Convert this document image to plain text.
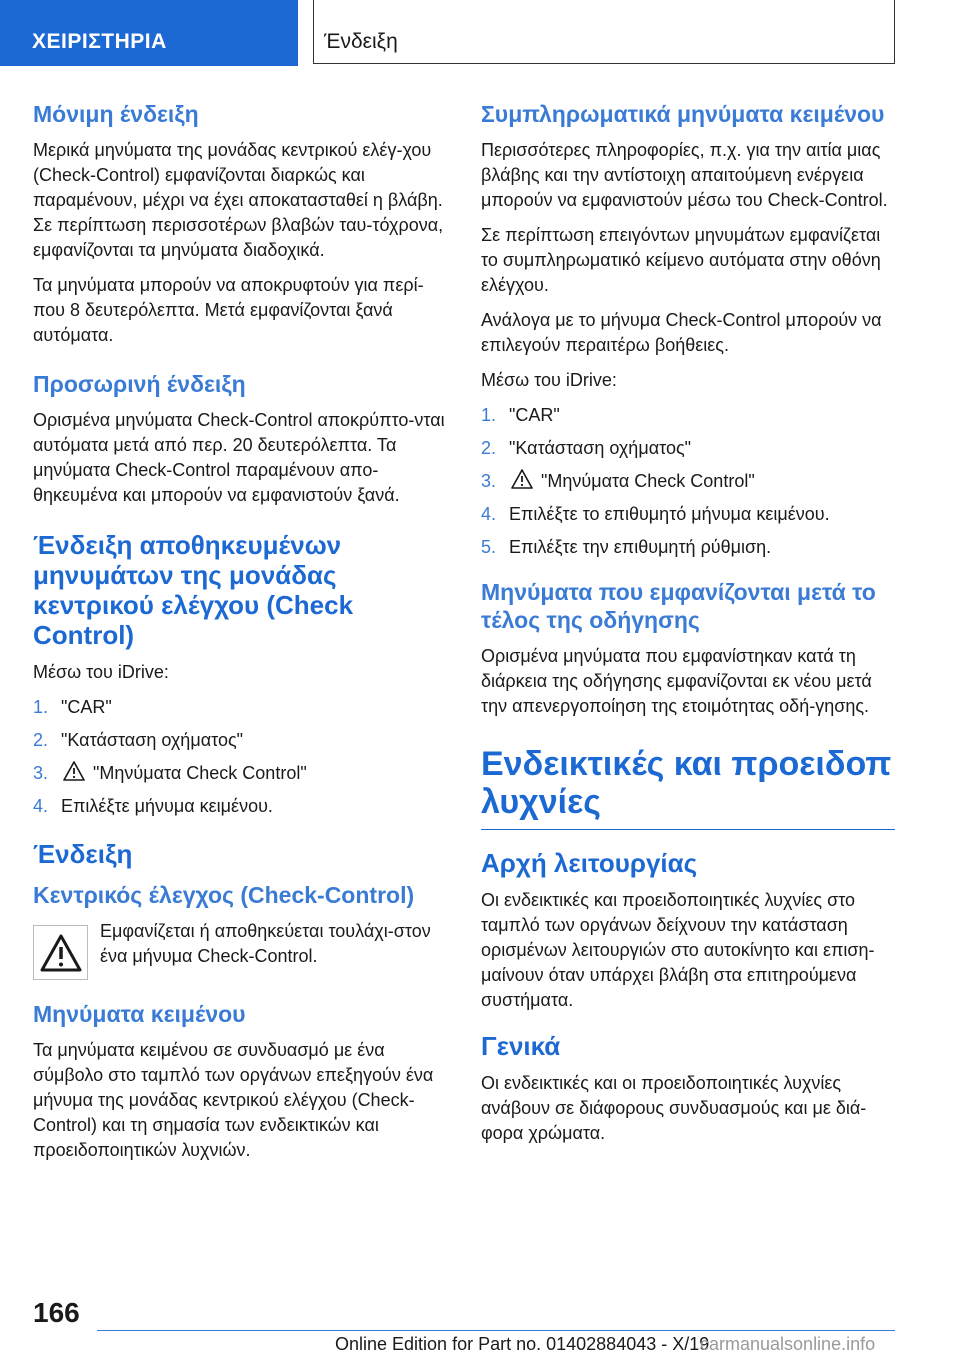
ΧΕΙΡΙΣΤΗΡΙΑ	Ένδειξη
Μόνιμη ένδειξη

Μερικά μηνύματα της μονάδας κεντρικού ελέγ-χου (Check-Control) εμφανίζονται διαρκώς και παραμένουν, μέχρι να έχει αποκατασταθεί η βλάβη. Σε περίπτωση περισσοτέρων βλαβών ταυ-τόχρονα, εμφανίζονται τα μηνύματα διαδοχικά.

Τα μηνύματα μπορούν να αποκρυφτούν για περί-που 8 δευτερόλεπτα. Μετά εμφανίζονται ξανά αυτόματα.

Προσωρινή ένδειξη

Ορισμένα μηνύματα Check-Control αποκρύπτο-νται αυτόματα μετά από περ. 20 δευτερόλεπτα. Τα μηνύματα Check-Control παραμένουν απο-θηκευμένα και μπορούν να εμφανιστούν ξανά.

Ένδειξη αποθηκευμένων μηνυμάτων της μονάδας κεντρικού ελέγχου (Check Control)

Μέσω του iDrive:

1. "CAR"
2. "Κατάσταση οχήματος"
3.	"Μηνύματα Check Control"
4. Επιλέξτε μήνυμα κειμένου.
Ένδειξη
Κεντρικός έλεγχος (Check-Control)

Εμφανίζεται ή αποθηκεύεται τουλάχι-στον ένα μήνυμα Check-Control.

Μηνύματα κειμένου

Τα μηνύματα κειμένου σε συνδυασμό με ένα σύμβολο στο ταμπλό των οργάνων επεξηγούν ένα μήνυμα της μονάδας κεντρικού ελέγχου (Check-Control) και τη σημασία των ενδεικτικών και προειδοποιητικών λυχνιών.

Συμπληρωματικά μηνύματα κειμένου

Περισσότερες πληροφορίες, π.χ. για την αιτία μιας βλάβης και την αντίστοιχη απαιτούμενη ενέργεια μπορούν να εμφανιστούν μέσω του Check-Control.

Σε περίπτωση επειγόντων μηνυμάτων εμφανίζεται το συμπληρωματικό κείμενο αυτόματα στην οθόνη ελέγχου.

Ανάλογα με το μήνυμα Check-Control μπορούν να επιλεγούν περαιτέρω βοήθειες.

Μέσω του iDrive:

1. "CAR"
2. "Κατάσταση οχήματος"
3.	"Μηνύματα Check Control"
4. Επιλέξτε το επιθυμητό μήνυμα κειμένου.
5. Επιλέξτε την επιθυμητή ρύθμιση.
Μηνύματα που εμφανίζονται μετά το τέλος της οδήγησης

Ορισμένα μηνύματα που εμφανίστηκαν κατά τη διάρκεια της οδήγησης εμφανίζονται εκ νέου μετά την απενεργοποίηση της ετοιμότητας οδή-γησης.

Ενδεικτικές και προειδοπ λυχνίες
Αρχή λειτουργίας

Οι ενδεικτικές και προειδοποιητικές λυχνίες στο ταμπλό των οργάνων δείχνουν την κατάσταση ορισμένων λειτουργιών στο αυτοκίνητο και επιση-μαίνουν όταν υπάρχει βλάβη στα επιτηρούμενα συστήματα.

Γενικά

Οι ενδεικτικές και οι προειδοποιητικές λυχνίες ανάβουν σε διάφορους συνδυασμούς και με διά-φορα χρώματα.

166
Online Edition for Part no. 01402884043 - X/19
carmanualsonline.info
